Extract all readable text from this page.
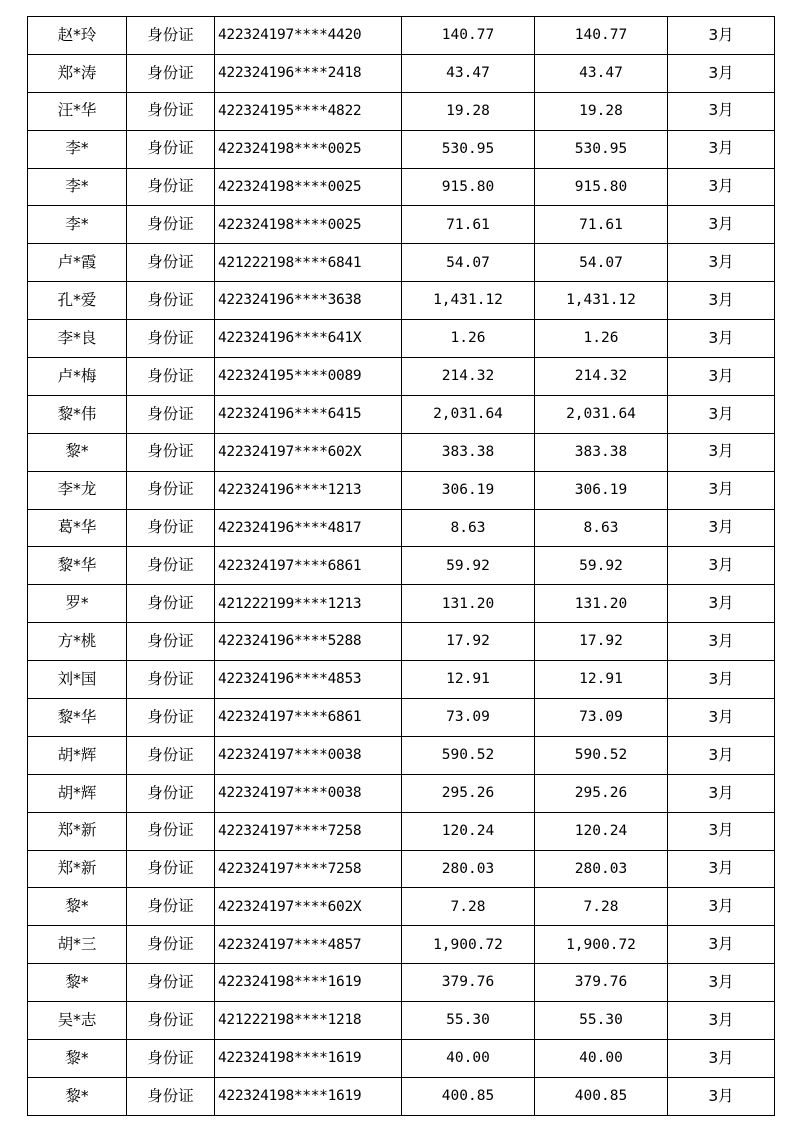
赵*玲	身份证	422324197****4420	140.77	140.77	3月
郑*涛	身份证	422324196****2418	43.47	43.47	3月
汪*华	身份证	422324195****4822	19.28	19.28	3月
李*	身份证	422324198****0025	530.95	530.95	3月
李*	身份证	422324198****0025	915.80	915.80	3月
李*	身份证	422324198****0025	71.61	71.61	3月
卢*霞	身份证	421222198****6841	54.07	54.07	3月
孔*爱	身份证	422324196****3638	1,431.12	1,431.12	3月
李*良	身份证	422324196****641X	1.26	1.26	3月
卢*梅	身份证	422324195****0089	214.32	214.32	3月
黎*伟	身份证	422324196****6415	2,031.64	2,031.64	3月
黎*	身份证	422324197****602X	383.38	383.38	3月
李*龙	身份证	422324196****1213	306.19	306.19	3月
葛*华	身份证	422324196****4817	8.63	8.63	3月
黎*华	身份证	422324197****6861	59.92	59.92	3月
罗*	身份证	421222199****1213	131.20	131.20	3月
方*桃	身份证	422324196****5288	17.92	17.92	3月
刘*国	身份证	422324196****4853	12.91	12.91	3月
黎*华	身份证	422324197****6861	73.09	73.09	3月
胡*辉	身份证	422324197****0038	590.52	590.52	3月
胡*辉	身份证	422324197****0038	295.26	295.26	3月
郑*新	身份证	422324197****7258	120.24	120.24	3月
郑*新	身份证	422324197****7258	280.03	280.03	3月
黎*	身份证	422324197****602X	7.28	7.28	3月
胡*三	身份证	422324197****4857	1,900.72	1,900.72	3月
黎*	身份证	422324198****1619	379.76	379.76	3月
吴*志	身份证	421222198****1218	55.30	55.30	3月
黎*	身份证	422324198****1619	40.00	40.00	3月
黎*	身份证	422324198****1619	400.85	400.85	3月
